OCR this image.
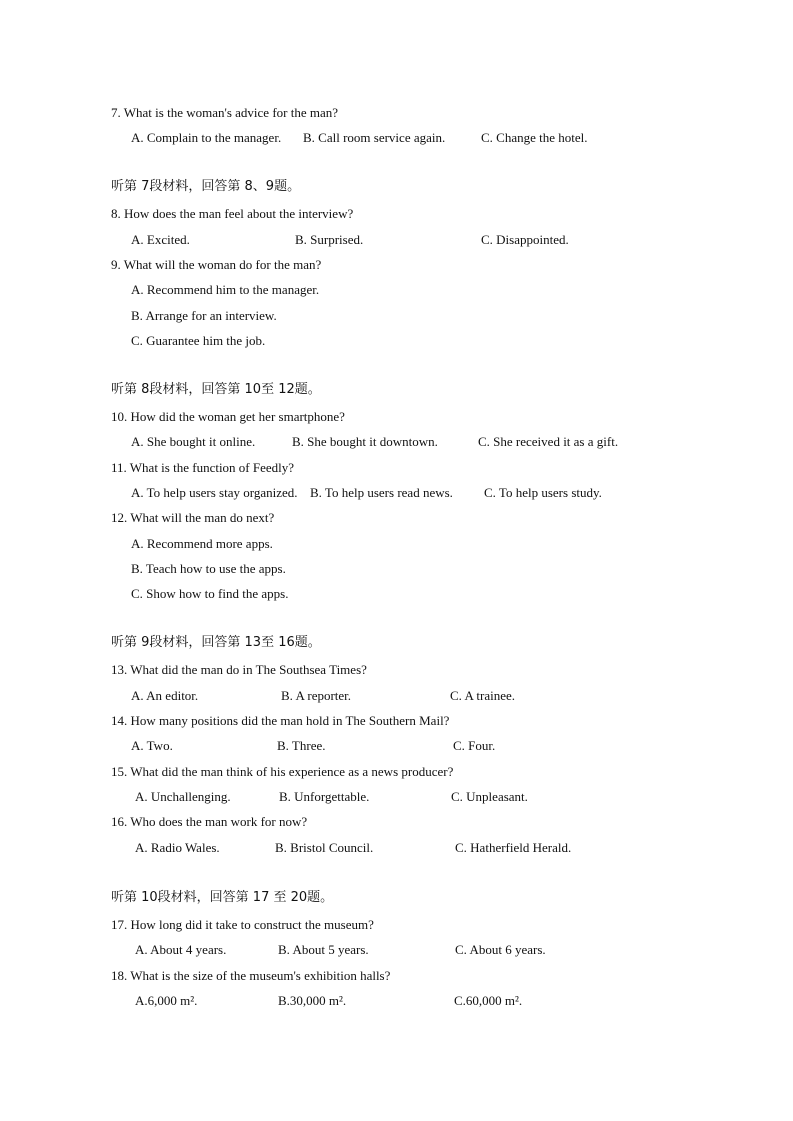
7. What is the woman's advice for the man?
A. Complain to the manager. B. Call room service again.	C. Change the hotel.
听第 7段材料，回答第 8、9题。
8. How does the man feel about the interview?
A. Excited.	B. Surprised.	C. Disappointed.
9. What will the woman do for the man?
A. Recommend him to the manager.
B. Arrange for an interview.
C. Guarantee him the job.
听第 8段材料，回答第 10至 12题。
10. How did the woman get her smartphone?
A. She bought it online.	B. She bought it downtown.	C. She received it as a gift.
11. What is the function of Feedly?
A. To help users stay organized. B. To help users read news. C. To help users study.
12. What will the man do next?
A. Recommend more apps.
B. Teach how to use the apps.
C. Show how to find the apps.
听第 9段材料，回答第 13至 16题。
13. What did the man do in The Southsea Times?
A. An editor.	B. A reporter.	C. A trainee.
14. How many positions did the man hold in The Southern Mail?
A. Two.	B. Three.	C. Four.
15. What did the man think of his experience as a news producer?
A. Unchallenging.	B. Unforgettable.	C. Unpleasant.
16. Who does the man work for now?
A. Radio Wales.	B. Bristol Council.	C. Hatherfield Herald.
听第 10段材料，回答第 17 至 20题。
17. How long did it take to construct the museum?
A. About 4 years.	B. About 5 years.	C. About 6 years.
18. What is the size of the museum's exhibition halls?
A.6,000 m².	B.30,000 m².	C.60,000 m².
